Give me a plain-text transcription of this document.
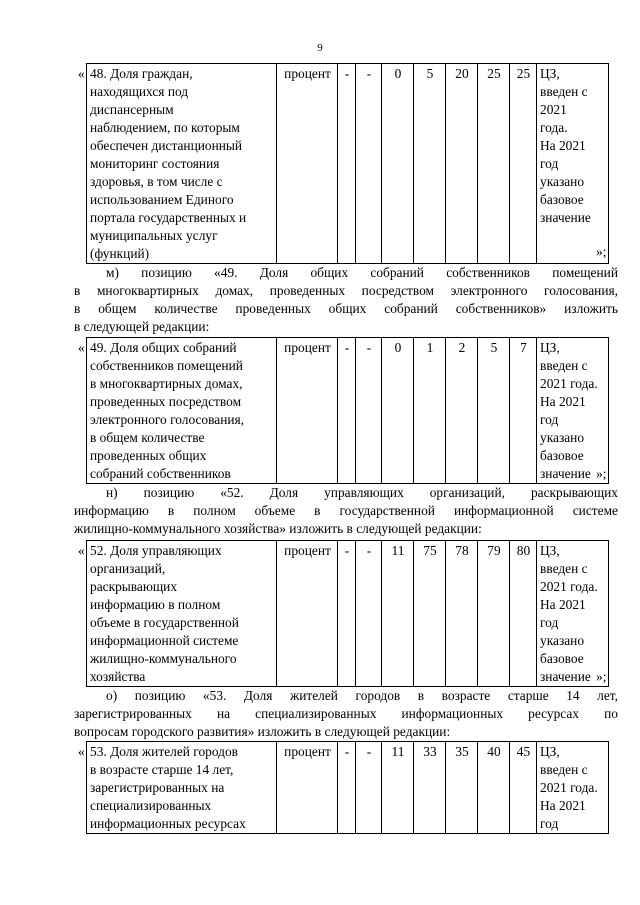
9
« 48. Доля граждан,
находящихся под
диспансерным
наблюдением, по которым
обеспечен дистанционный
мониторинг состояния
здоровья, в том числе с
использованием Единого
портала государственных и
муниципальных услуг
(функций)
	процент	-	-	0	5	20	25	25	ЦЗ,
введен с
2021
года.
На 2021
год
указано
базовое
значение
»;
м) позицию «49. Доля общих собраний собственников помещений
в многоквартирных домах, проведенных посредством электронного голосования,
в общем количестве проведенных общих собраний собственников» изложить
в следующей редакции:
« 49. Доля общих собраний
собственников помещений
в многоквартирных домах,
проведенных посредством
электронного голосования,
в общем количестве
проведенных общих
собраний собственников
	процент	-	-	0	1	2	5	7	ЦЗ,
введен с
2021 года.
На 2021
год
указано
базовое
значение »;
н) позицию «52. Доля управляющих организаций, раскрывающих
информацию в полном объеме в государственной информационной системе
жилищно-коммунального хозяйства» изложить в следующей редакции:
« 52. Доля управляющих
организаций,
раскрывающих
информацию в полном
объеме в государственной
информационной системе
жилищно-коммунального
хозяйства
	процент	-	-	11	75	78	79	80	ЦЗ,
введен с
2021 года.
На 2021
год
указано
базовое
значение »;
о) позицию «53. Доля жителей городов в возрасте старше 14 лет,
зарегистрированных на специализированных информационных ресурсах по
вопросам городского развития» изложить в следующей редакции:
« 53. Доля жителей городов
в возрасте старше 14 лет,
зарегистрированных на
специализированных
информационных ресурсах
	процент	-	-	11	33	35	40	45	ЦЗ,
введен с
2021 года.
На 2021
год
